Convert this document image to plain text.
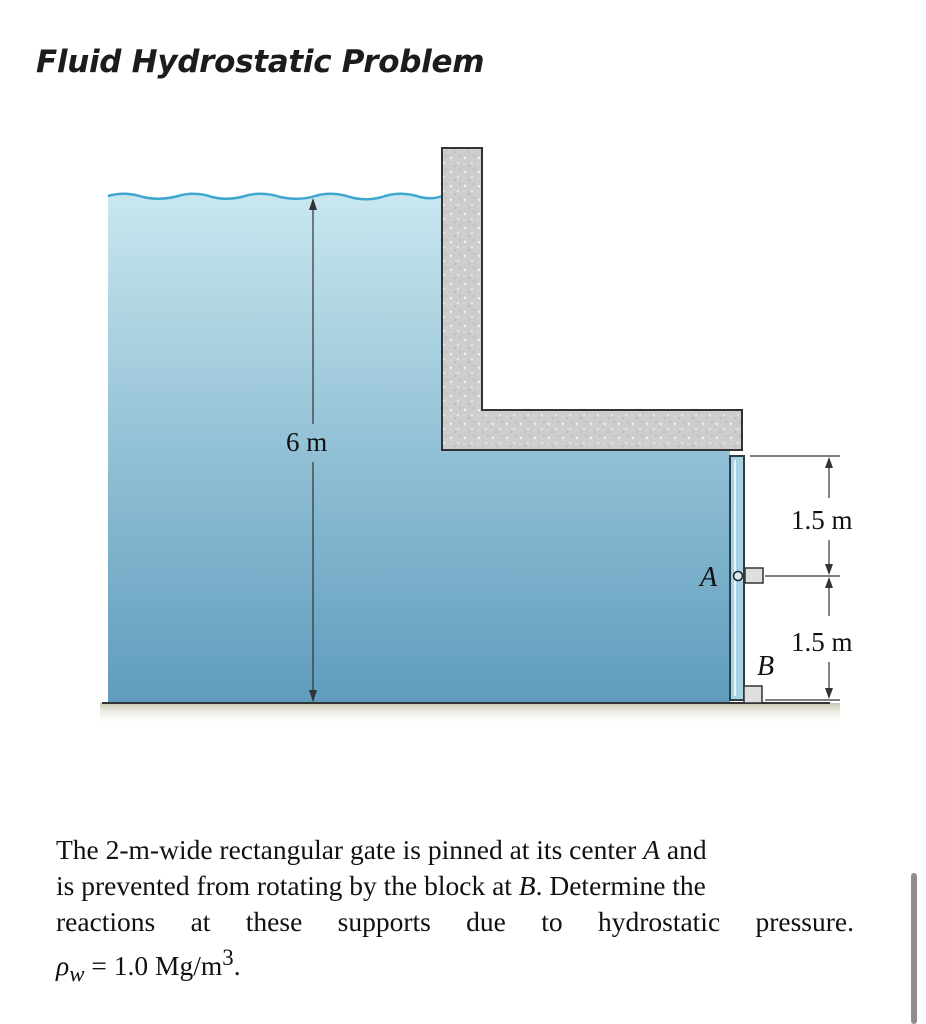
Fluid Hydrostatic Problem
6 m
1.5 m
1.5 m
A
B
The 2-m-wide rectangular gate is pinned at its center A and
is prevented from rotating by the block at B. Determine the
reactions at these supports due to hydrostatic pressure.
$\rho_w = 1.0$ $Mg/m^3$.
